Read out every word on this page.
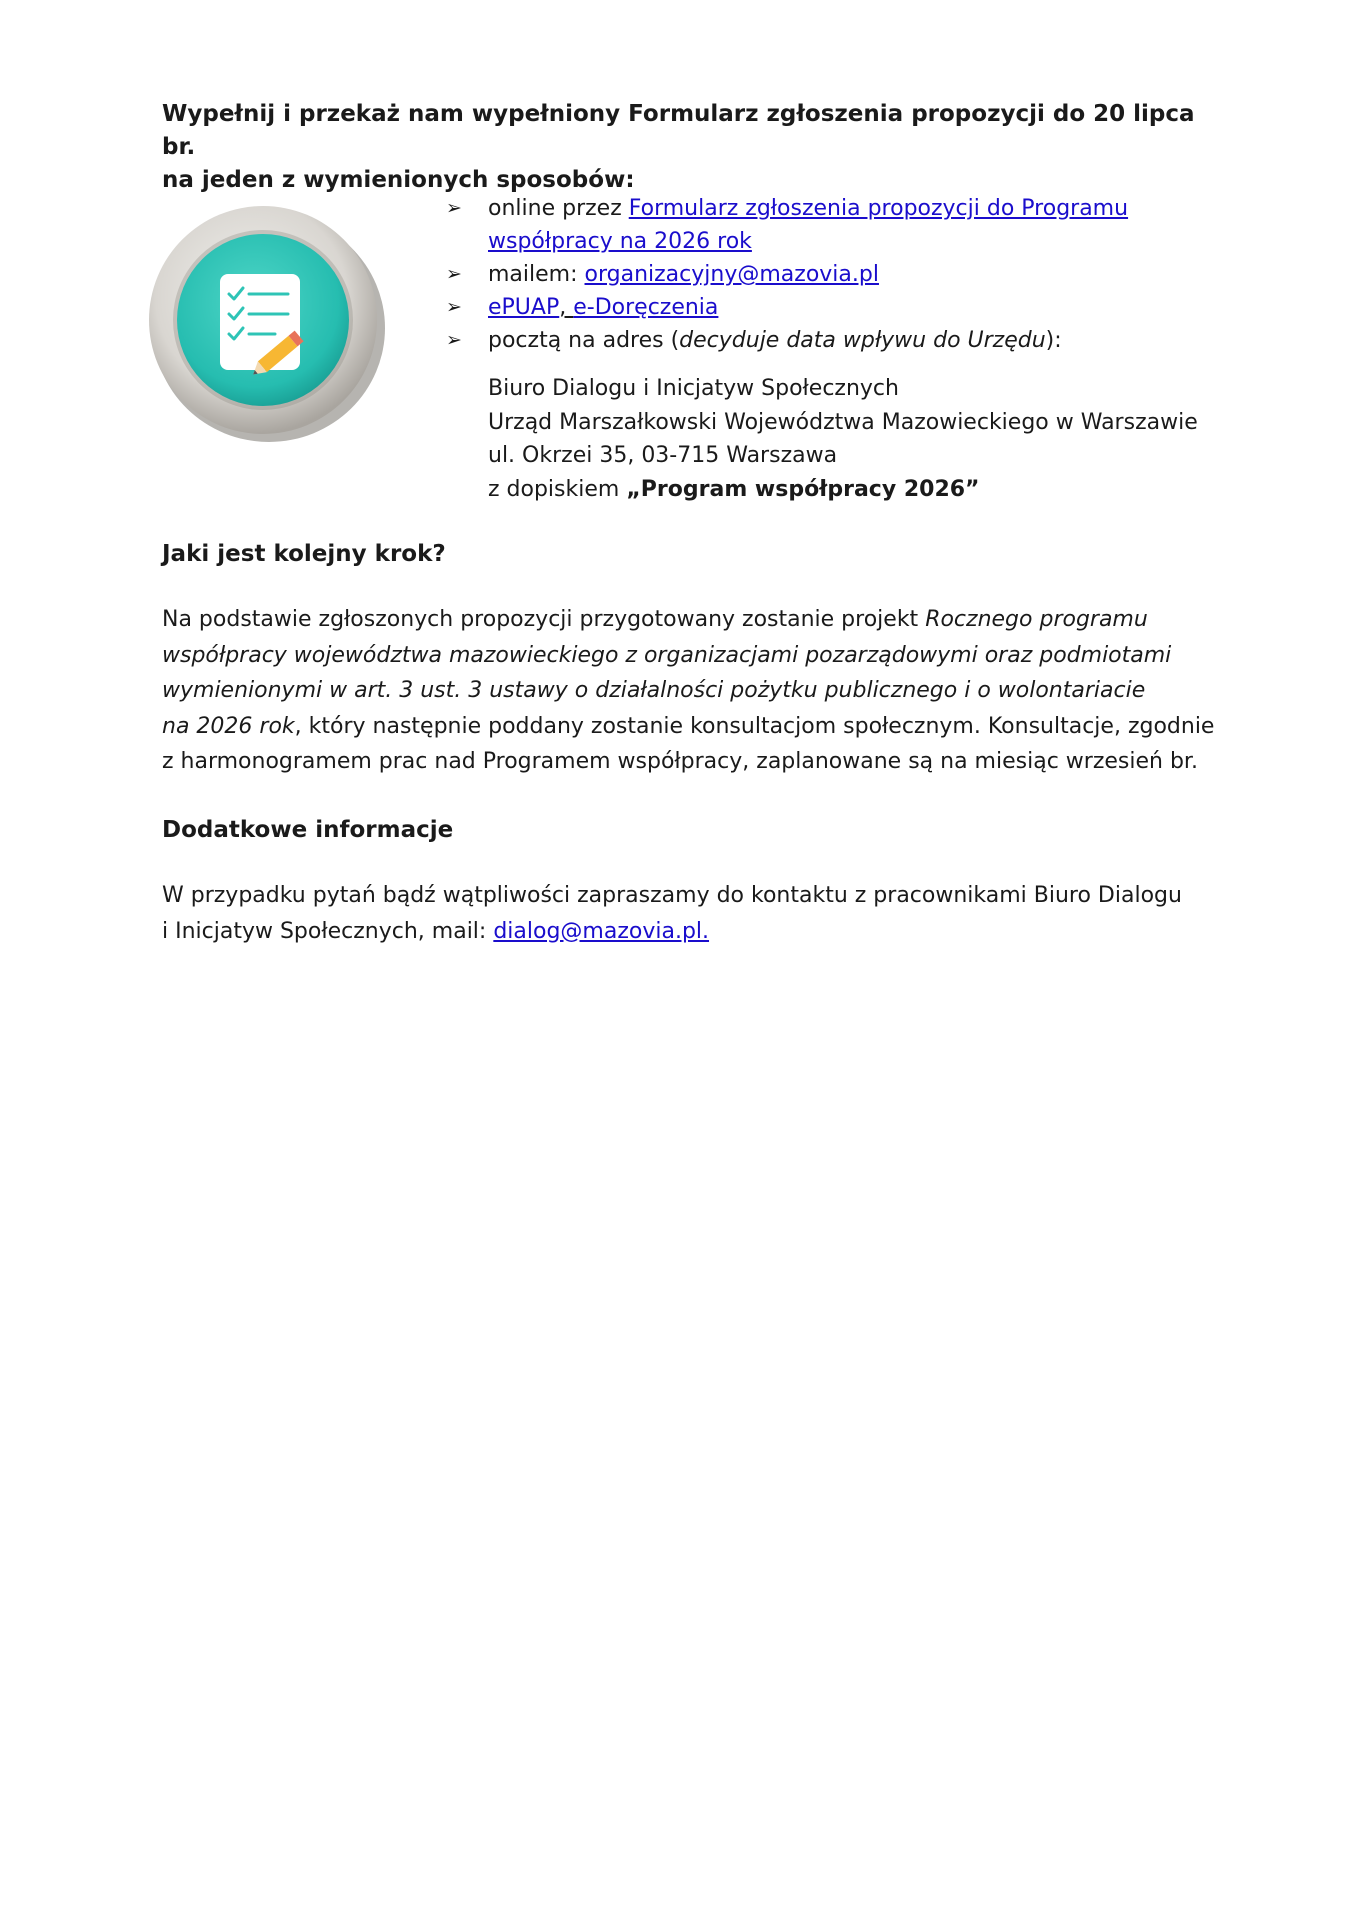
Wypełnij i przekaż nam wypełniony Formularz zgłoszenia propozycji do 20 lipca br.
na jeden z wymienionych sposobów:
➢ online przez Formularz zgłoszenia propozycji do Programu
współpracy na 2026 rok
➢ mailem: organizacyjny@mazovia.pl
➢ ePUAP, e-Doręczenia
➢ pocztą na adres (decyduje data wpływu do Urzędu):
Biuro Dialogu i Inicjatyw Społecznych
Urząd Marszałkowski Województwa Mazowieckiego w Warszawie
ul. Okrzei 35, 03-715 Warszawa
z dopiskiem „Program współpracy 2026”
Jaki jest kolejny krok?
Na podstawie zgłoszonych propozycji przygotowany zostanie projekt Rocznego programu
współpracy województwa mazowieckiego z organizacjami pozarządowymi oraz podmiotami
wymienionymi w art. 3 ust. 3 ustawy o działalności pożytku publicznego i o wolontariacie
na 2026 rok, który następnie poddany zostanie konsultacjom społecznym. Konsultacje, zgodnie
z harmonogramem prac nad Programem współpracy, zaplanowane są na miesiąc wrzesień br.
Dodatkowe informacje
W przypadku pytań bądź wątpliwości zapraszamy do kontaktu z pracownikami Biuro Dialogu
i Inicjatyw Społecznych, mail: dialog@mazovia.pl.
